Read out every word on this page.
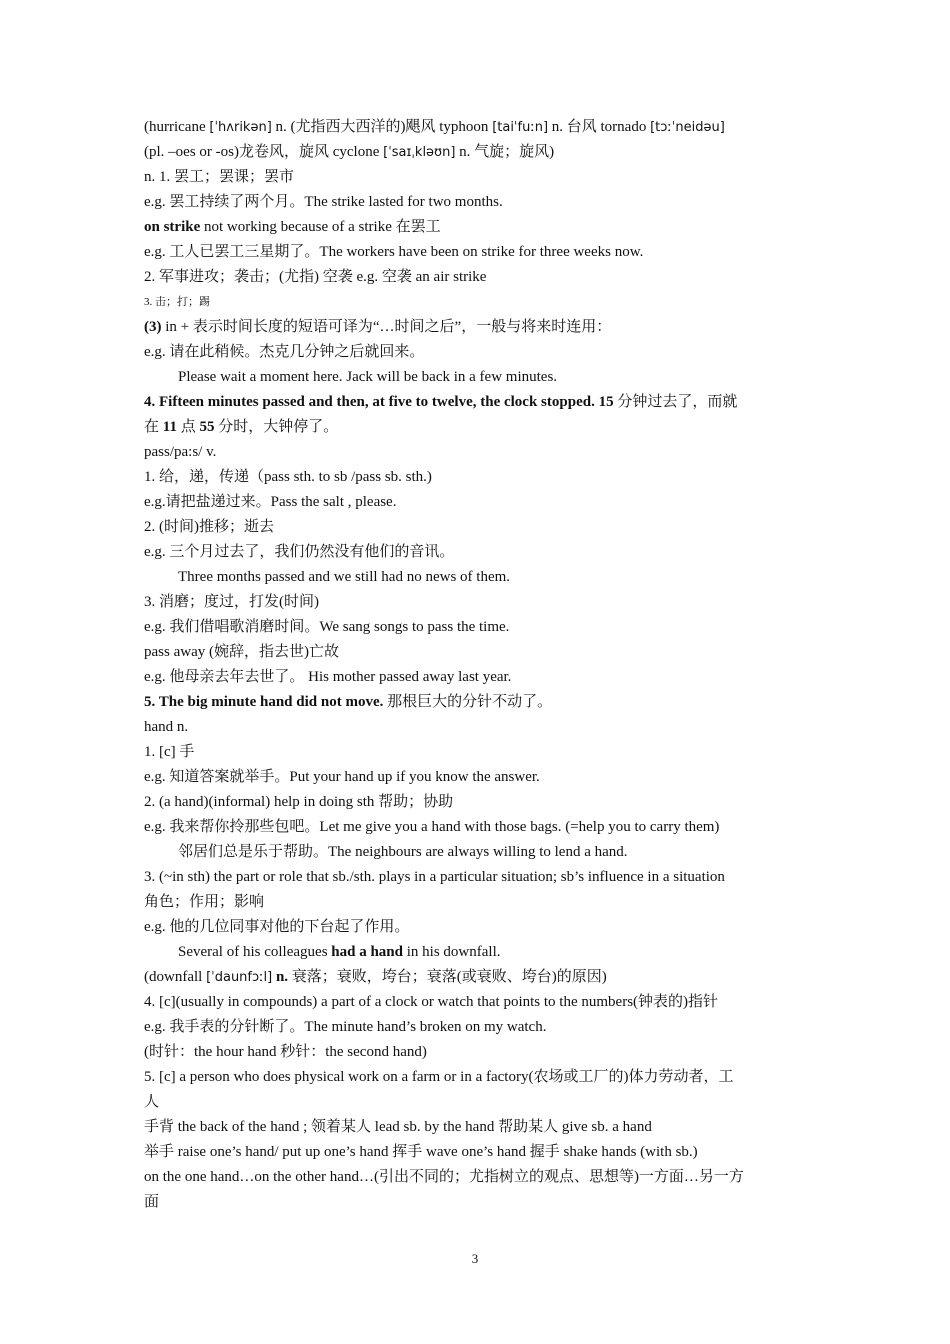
(hurricane [ˈhʌrikən] n. (尤指西大西洋的)飓风 typhoon [taiˈfuːn] n. 台风 tornado [tɔːˈneidəu]
(pl. –oes or -os)龙卷风，旋风 cyclone [ˈsaɪˌkləʊn] n. 气旋；旋风)
n. 1. 罢工；罢课；罢市
e.g. 罢工持续了两个月。The strike lasted for two months.
on strike not working because of a strike 在罢工
e.g. 工人已罢工三星期了。The workers have been on strike for three weeks now.
2. 军事进攻；袭击；(尤指) 空袭 e.g. 空袭 an air strike
3. 击；打；踢
(3) in + 表示时间长度的短语可译为“…时间之后”，一般与将来时连用：
e.g. 请在此稍候。杰克几分钟之后就回来。
Please wait a moment here. Jack will be back in a few minutes.
4. Fifteen minutes passed and then, at five to twelve, the clock stopped. 15 分钟过去了，而就
在 11 点 55 分时，大钟停了。
pass/pa:s/ v.
1. 给，递，传递（pass sth. to sb /pass sb. sth.)
e.g.请把盐递过来。Pass the salt , please.
2. (时间)推移；逝去
e.g. 三个月过去了，我们仍然没有他们的音讯。
Three months passed and we still had no news of them.
3. 消磨；度过，打发(时间)
e.g. 我们借唱歌消磨时间。We sang songs to pass the time.
pass away (婉辞，指去世)亡故
e.g. 他母亲去年去世了。 His mother passed away last year.
5. The big minute hand did not move. 那根巨大的分针不动了。
hand n.
1. [c] 手
e.g. 知道答案就举手。Put your hand up if you know the answer.
2. (a hand)(informal) help in doing sth 帮助；协助
e.g. 我来帮你拎那些包吧。Let me give you a hand with those bags. (=help you to carry them)
邻居们总是乐于帮助。The neighbours are always willing to lend a hand.
3. (~in sth) the part or role that sb./sth. plays in a particular situation; sb’s influence in a situation
角色；作用；影响
e.g. 他的几位同事对他的下台起了作用。
Several of his colleagues had a hand in his downfall.
(downfall [ˈdaunfɔːl] n. 衰落；衰败，垮台；衰落(或衰败、垮台)的原因)
4. [c](usually in compounds) a part of a clock or watch that points to the numbers(钟表的)指针
e.g. 我手表的分针断了。The minute hand’s broken on my watch.
(时针：the hour hand 秒针：the second hand)
5. [c] a person who does physical work on a farm or in a factory(农场或工厂的)体力劳动者，工
人
手背 the back of the hand ; 领着某人 lead sb. by the hand 帮助某人 give sb. a hand
举手 raise one’s hand/ put up one’s hand 挥手 wave one’s hand 握手 shake hands (with sb.)
on the one hand…on the other hand…(引出不同的；尤指树立的观点、思想等)一方面…另一方
面
3
